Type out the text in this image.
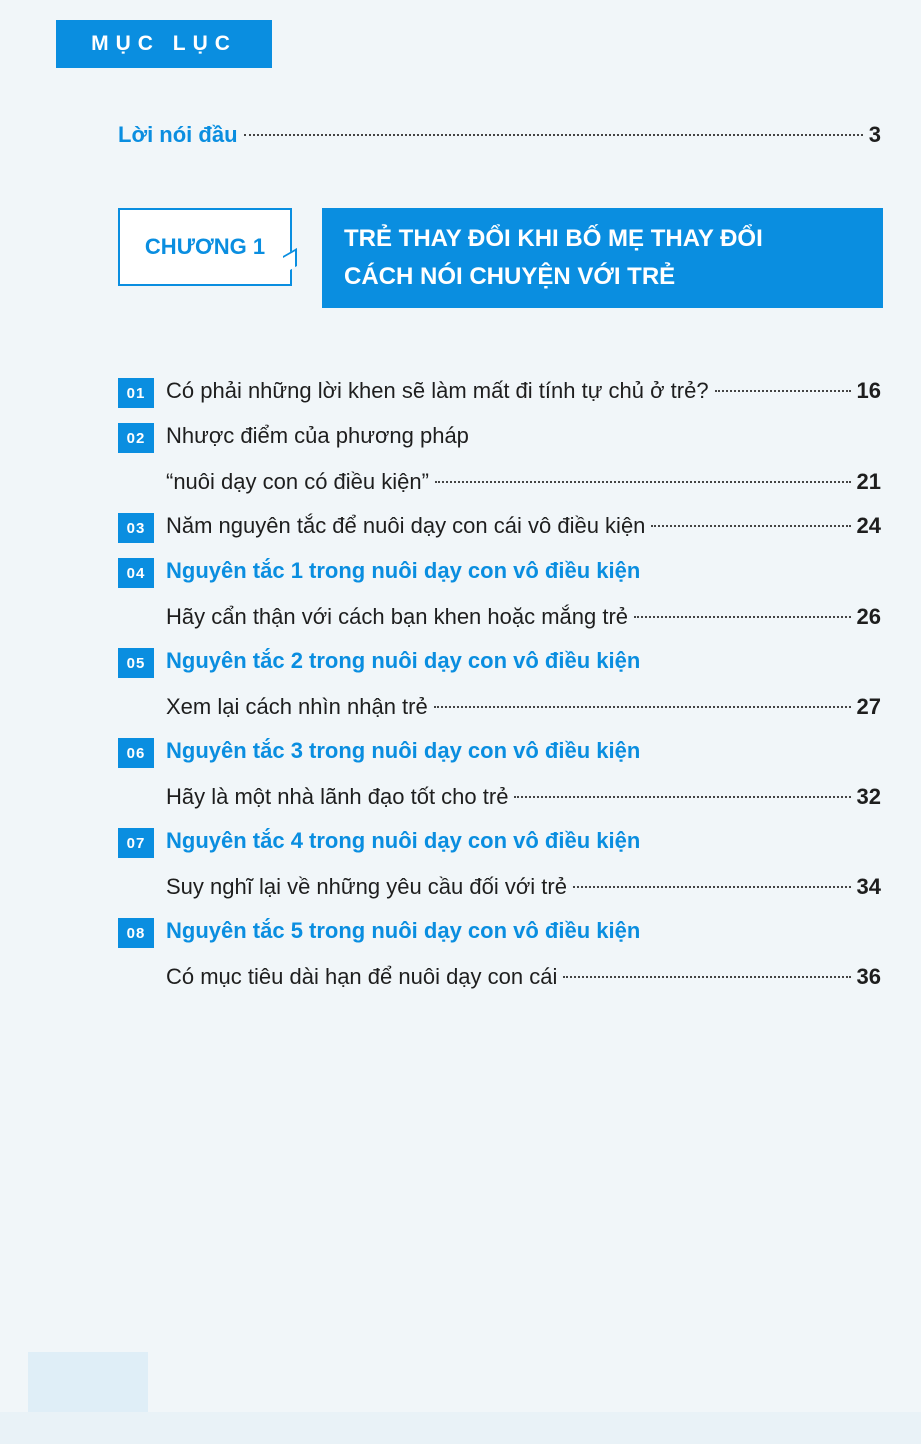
MỤC LỤC
Lời nói đầu	3
CHƯƠNG 1	TRẺ THAY ĐỔI KHI BỐ MẸ THAY ĐỔI
CÁCH NÓI CHUYỆN VỚI TRẺ
01 Có phải những lời khen sẽ làm mất đi tính tự chủ ở trẻ?	16
02 Nhược điểm của phương pháp
“nuôi dạy con có điều kiện”	21
03 Năm nguyên tắc để nuôi dạy con cái vô điều kiện	24
04 Nguyên tắc 1 trong nuôi dạy con vô điều kiện
Hãy cẩn thận với cách bạn khen hoặc mắng trẻ	26
05 Nguyên tắc 2 trong nuôi dạy con vô điều kiện
Xem lại cách nhìn nhận trẻ	27
06 Nguyên tắc 3 trong nuôi dạy con vô điều kiện
Hãy là một nhà lãnh đạo tốt cho trẻ	32
07 Nguyên tắc 4 trong nuôi dạy con vô điều kiện
Suy nghĩ lại về những yêu cầu đối với trẻ	34
08 Nguyên tắc 5 trong nuôi dạy con vô điều kiện
Có mục tiêu dài hạn để nuôi dạy con cái	36
